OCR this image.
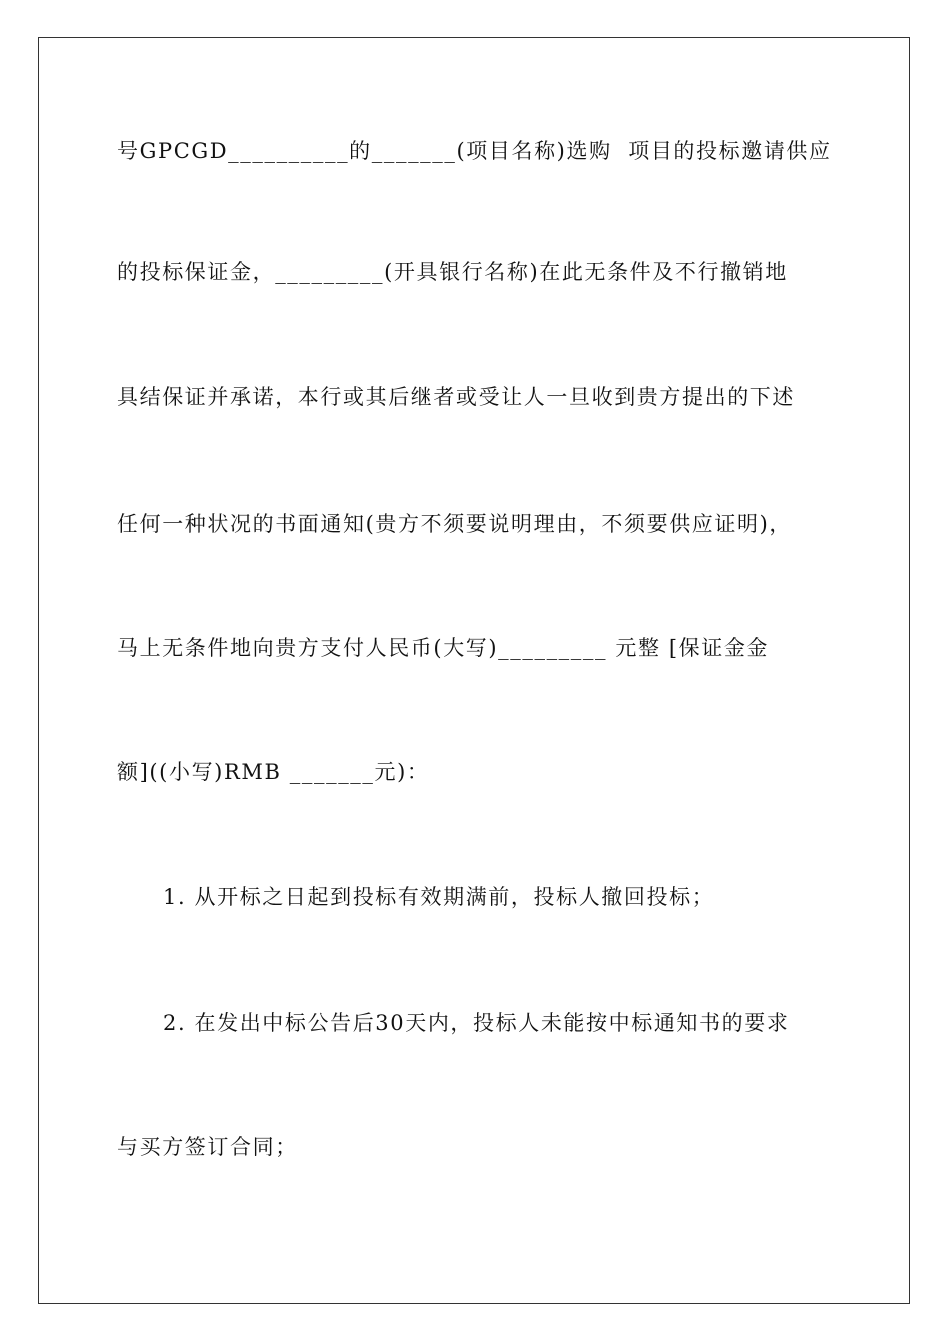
号GPCGD__________的_______(项目名称)选购  项目的投标邀请供应
的投标保证金，_________(开具银行名称)在此无条件及不行撤销地
具结保证并承诺，本行或其后继者或受让人一旦收到贵方提出的下述
任何一种状况的书面通知(贵方不须要说明理由，不须要供应证明)，
马上无条件地向贵方支付人民币(大写)_________ 元整 [保证金金
额]((小写)RMB _______元)：
1. 从开标之日起到投标有效期满前，投标人撤回投标；
2. 在发出中标公告后30天内，投标人未能按中标通知书的要求
与买方签订合同；
